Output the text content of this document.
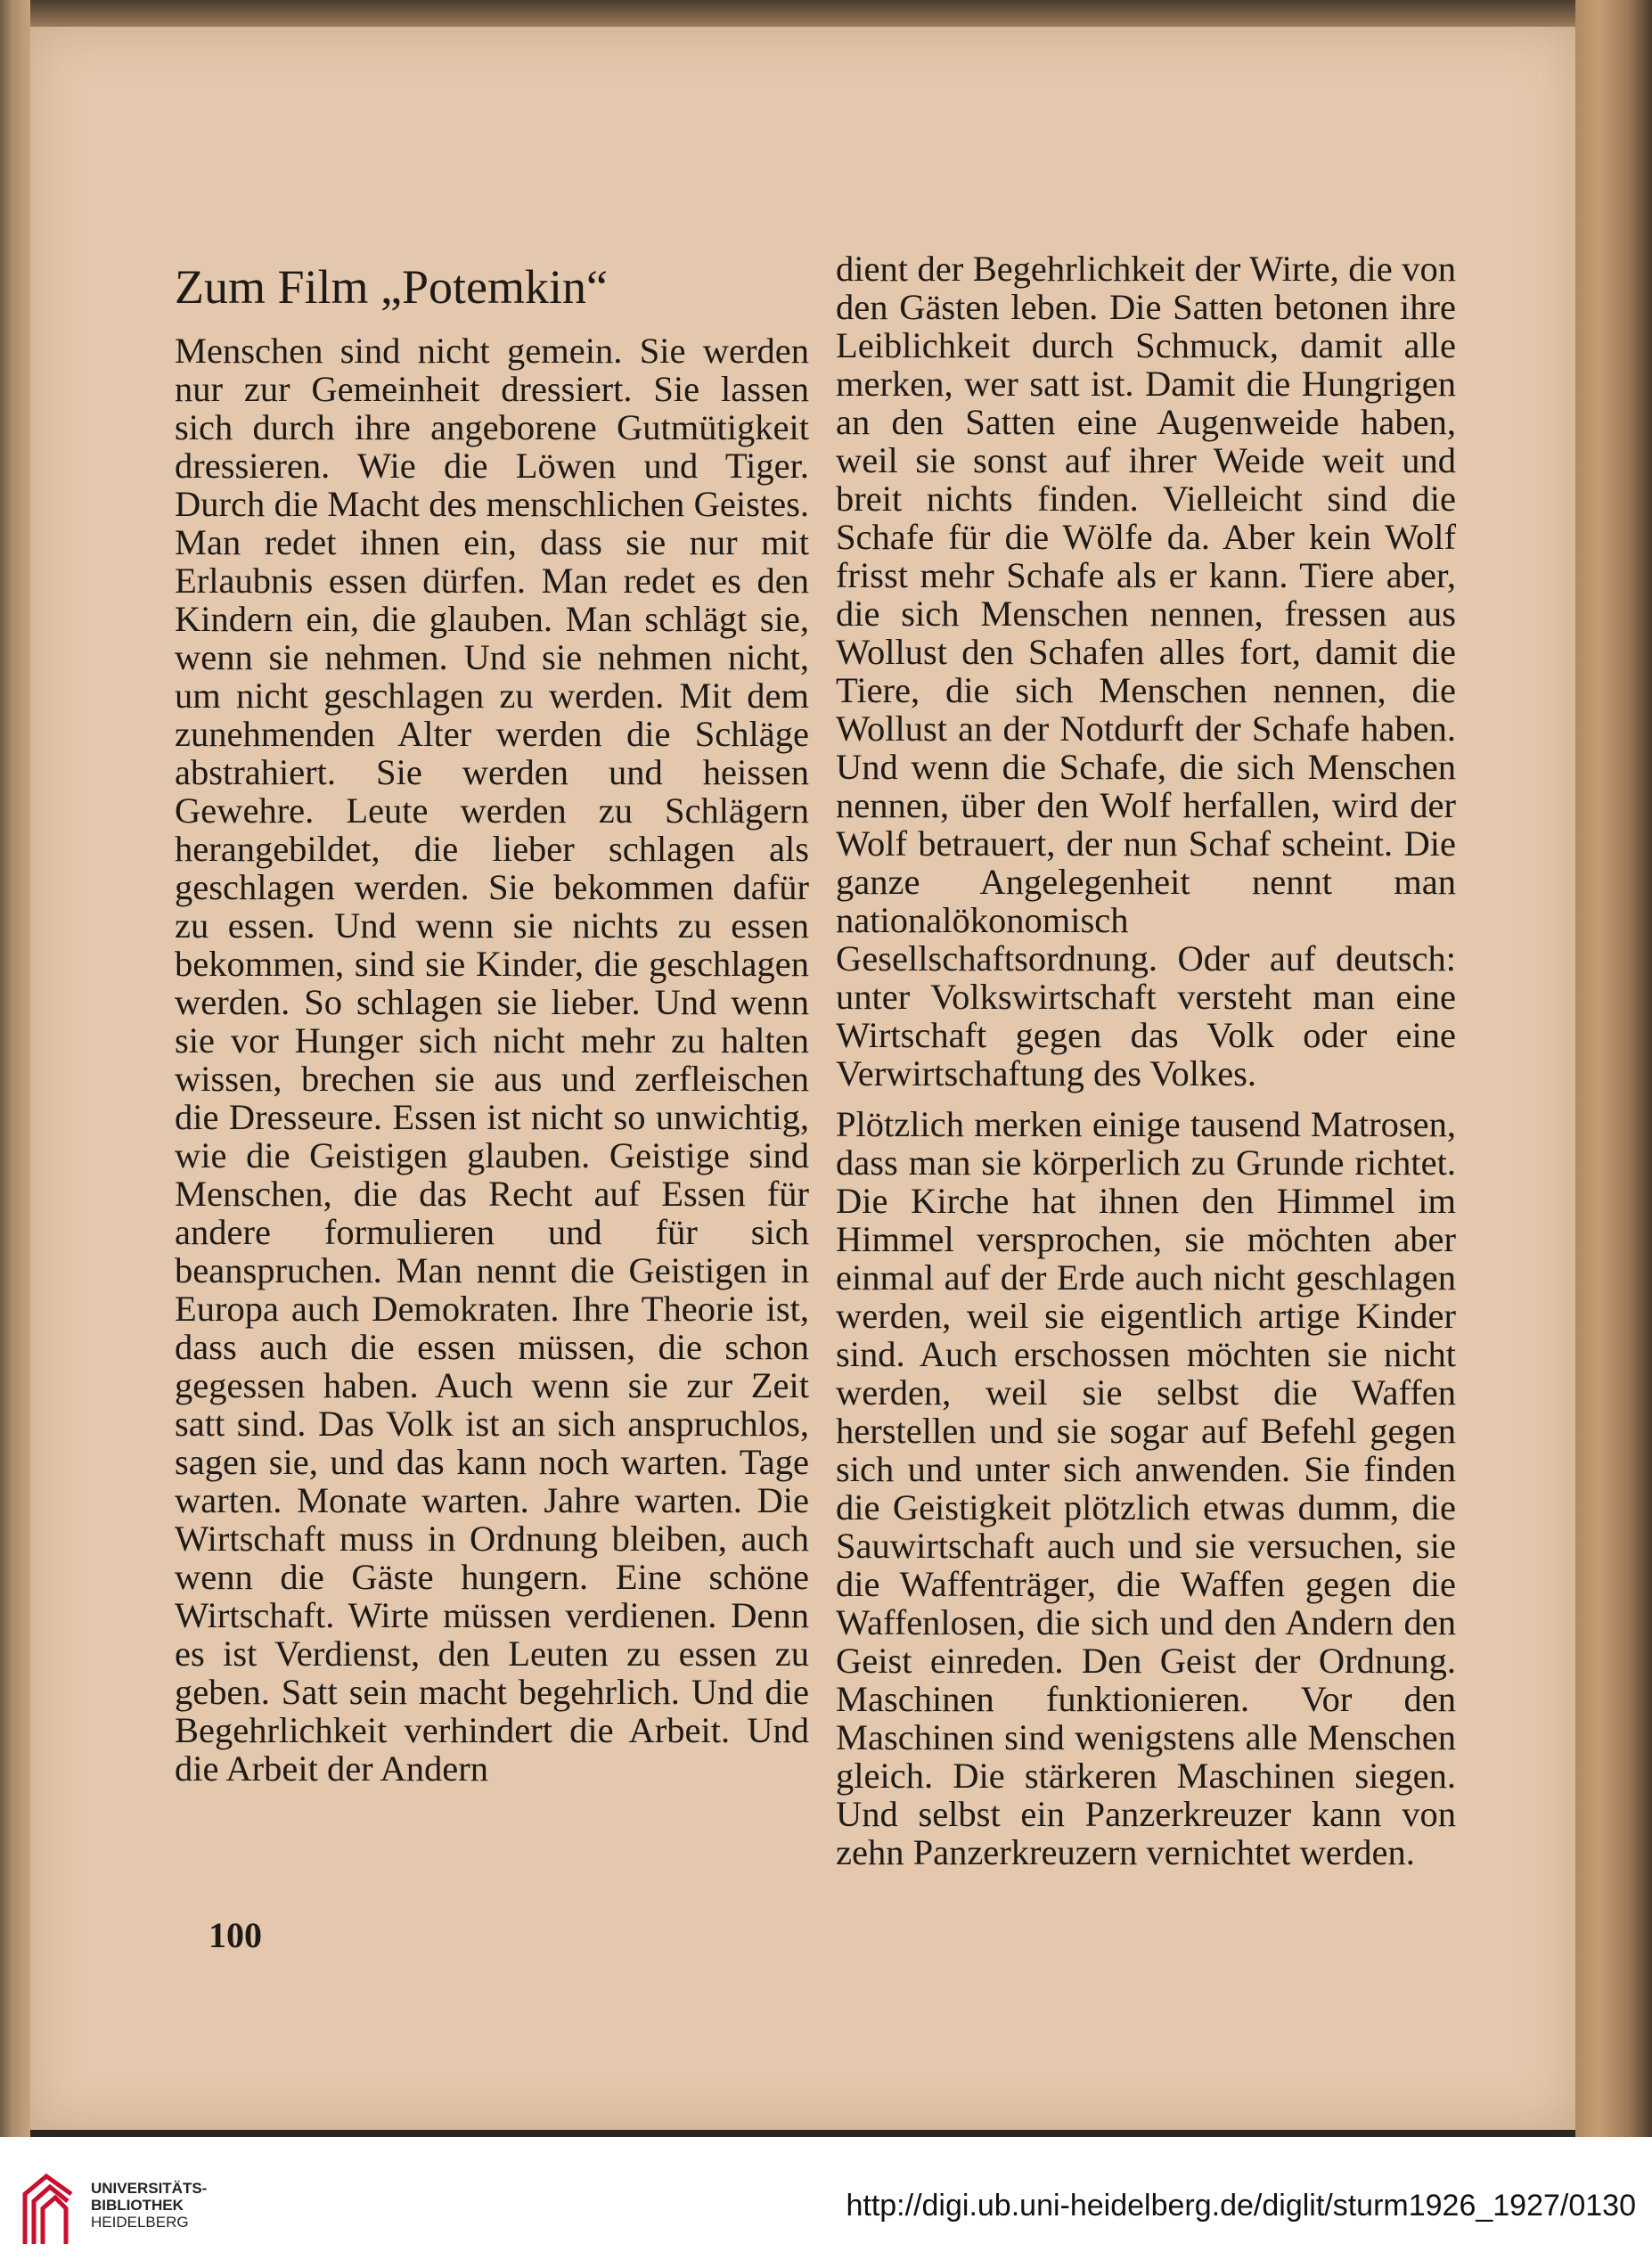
Zum Film „Potemkin“

Menschen sind nicht gemein. Sie werden nur zur Gemeinheit dressiert. Sie lassen sich durch ihre angeborene Gutmütigkeit dressieren. Wie die Löwen und Tiger. Durch die Macht des menschlichen Geistes. Man redet ihnen ein, dass sie nur mit Erlaubnis essen dürfen. Man redet es den Kindern ein, die glauben. Man schlägt sie, wenn sie nehmen. Und sie nehmen nicht, um nicht geschlagen zu werden. Mit dem zunehmenden Alter werden die Schläge abstrahiert. Sie werden und heissen Gewehre. Leute werden zu Schlägern herangebildet, die lieber schlagen als geschlagen werden. Sie bekommen dafür zu essen. Und wenn sie nichts zu essen bekommen, sind sie Kinder, die geschlagen werden. So schlagen sie lieber. Und wenn sie vor Hunger sich nicht mehr zu halten wissen, brechen sie aus und zerfleischen die Dresseure. Essen ist nicht so unwichtig, wie die Geistigen glauben. Geistige sind Menschen, die das Recht auf Essen für andere formulieren und für sich beanspruchen. Man nennt die Geistigen in Europa auch Demokraten. Ihre Theorie ist, dass auch die essen müssen, die schon gegessen haben. Auch wenn sie zur Zeit satt sind. Das Volk ist an sich anspruchlos, sagen sie, und das kann noch warten. Tage warten. Monate warten. Jahre warten. Die Wirtschaft muss in Ordnung bleiben, auch wenn die Gäste hungern. Eine schöne Wirtschaft. Wirte müssen verdienen. Denn es ist Verdienst, den Leuten zu essen zu geben. Satt sein macht begehrlich. Und die Begehrlichkeit verhindert die Arbeit. Und die Arbeit der Andern

dient der Begehrlichkeit der Wirte, die von den Gästen leben. Die Satten betonen ihre Leiblichkeit durch Schmuck, damit alle merken, wer satt ist. Damit die Hungrigen an den Satten eine Augenweide haben, weil sie sonst auf ihrer Weide weit und breit nichts finden. Vielleicht sind die Schafe für die Wölfe da. Aber kein Wolf frisst mehr Schafe als er kann. Tiere aber, die sich Menschen nennen, fressen aus Wollust den Schafen alles fort, damit die Tiere, die sich Menschen nennen, die Wollust an der Notdurft der Schafe haben. Und wenn die Schafe, die sich Menschen nennen, über den Wolf herfallen, wird der Wolf betrauert, der nun Schaf scheint. Die ganze Angelegenheit nennt man nationalökonomisch Gesellschaftsordnung. Oder auf deutsch: unter Volkswirtschaft versteht man eine Wirtschaft gegen das Volk oder eine Verwirtschaftung des Volkes.

Plötzlich merken einige tausend Matrosen, dass man sie körperlich zu Grunde richtet. Die Kirche hat ihnen den Himmel im Himmel versprochen, sie möchten aber einmal auf der Erde auch nicht geschlagen werden, weil sie eigentlich artige Kinder sind. Auch erschossen möchten sie nicht werden, weil sie selbst die Waffen herstellen und sie sogar auf Befehl gegen sich und unter sich anwenden. Sie finden die Geistigkeit plötzlich etwas dumm, die Sauwirtschaft auch und sie versuchen, sie die Waffenträger, die Waffen gegen die Waffenlosen, die sich und den Andern den Geist einreden. Den Geist der Ordnung. Maschinen funktionieren. Vor den Maschinen sind wenigstens alle Menschen gleich. Die stärkeren Maschinen siegen. Und selbst ein Panzerkreuzer kann von zehn Panzerkreuzern vernichtet werden.

100
UNIVERSITÄTS-
BIBLIOTHEK
HEIDELBERG	http://digi.ub.uni-heidelberg.de/diglit/sturm1926_1927/0130
